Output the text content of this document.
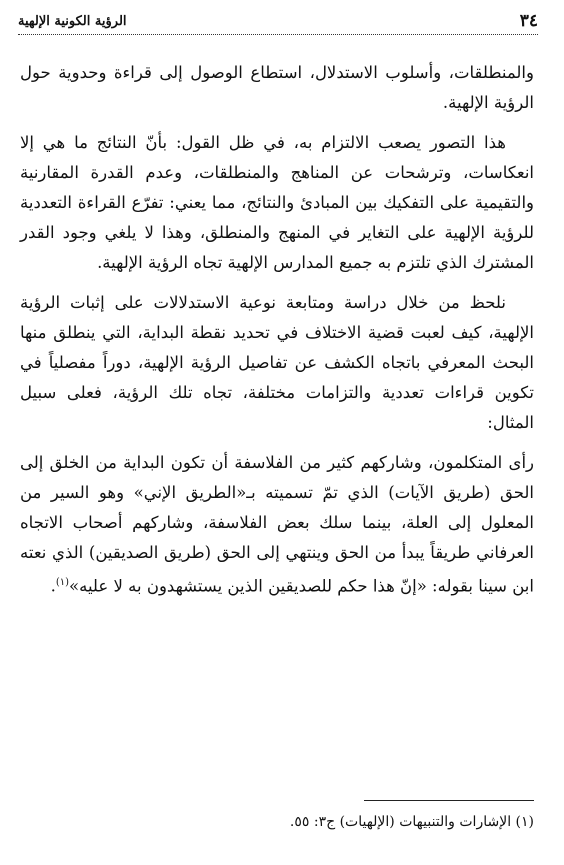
٣٤
الرؤية الكونية الإلهية

والمنطلقات، وأسلوب الاستدلال، استطاع الوصول إلى قراءة وحدوية حول الرؤية الإلهية.

هذا التصور يصعب الالتزام به، في ظل القول: بأنّ النتائج ما هي إلا انعكاسات، وترشحات عن المناهج والمنطلقات، وعدم القدرة المقارنية والتقيمية على التفكيك بين المبادئ والنتائج، مما يعني: تفرّع القراءة التعددية للرؤية الإلهية على التغاير في المنهج والمنطلق، وهذا لا يلغي وجود القدر المشترك الذي تلتزم به جميع المدارس الإلهية تجاه الرؤية الإلهية.

نلحظ من خلال دراسة ومتابعة نوعية الاستدلالات على إثبات الرؤية الإلهية، كيف لعبت قضية الاختلاف في تحديد نقطة البداية، التي ينطلق منها البحث المعرفي باتجاه الكشف عن تفاصيل الرؤية الإلهية، دوراً مفصلياً في تكوين قراءات تعددية والتزامات مختلفة، تجاه تلك الرؤية، فعلى سبيل المثال:

رأى المتكلمون، وشاركهم كثير من الفلاسفة أن تكون البداية من الخلق إلى الحق (طريق الآيات) الذي تمّ تسميته بـ«الطريق الإني» وهو السير من المعلول إلى العلة، بينما سلك بعض الفلاسفة، وشاركهم أصحاب الاتجاه العرفاني طريقاً يبدأ من الحق وينتهي إلى الحق (طريق الصديقين) الذي نعته ابن سينا بقوله: «إنّ هذا حكم للصديقين الذين يستشهدون به لا عليه»$^{(١)}$.

(١) الإشارات والتنبيهات (الإلهيات) ج٣: ٥٥.
